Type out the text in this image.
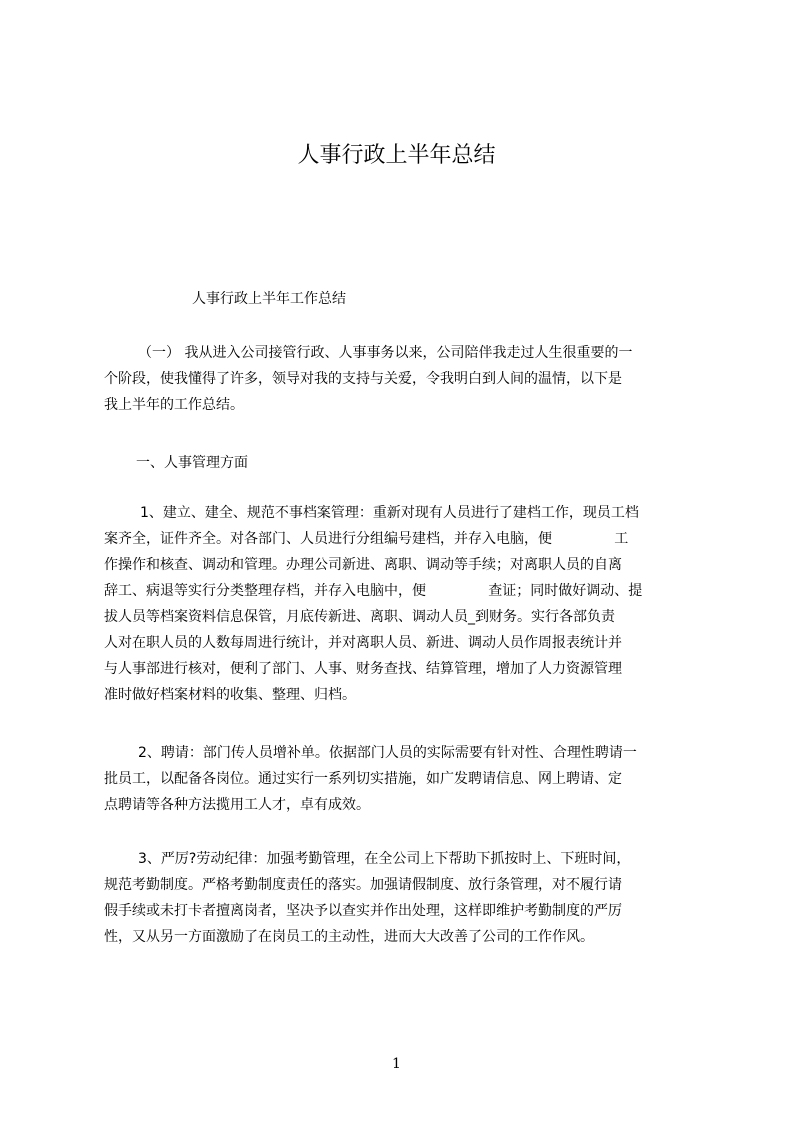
人事行政上半年总结

人事行政上半年工作总结

（一） 我从进入公司接管行政、人事事务以来，公司陪伴我走过人生很重要的一
个阶段，使我懂得了许多，领导对我的支持与关爱，令我明白到人间的温情，以下是
我上半年的工作总结。

一、人事管理方面

1、建立、建全、规范不事档案管理：重新对现有人员进行了建档工作，现员工档
案齐全，证件齐全。对各部门、人员进行分组编号建档，并存入电脑，便              工
作操作和核查、调动和管理。办理公司新进、离职、调动等手续；对离职人员的自离
辞工、病退等实行分类整理存档，并存入电脑中，便              查证；同时做好调动、提
拔人员等档案资料信息保管，月底传新进、离职、调动人员_到财务。实行各部负责
人对在职人员的人数每周进行统计，并对离职人员、新进、调动人员作周报表统计并
与人事部进行核对，便利了部门、人事、财务查找、结算管理，增加了人力资源管理
准时做好档案材料的收集、整理、归档。
2、聘请：部门传人员增补单。依据部门人员的实际需要有针对性、合理性聘请一
批员工，以配备各岗位。通过实行一系列切实措施，如广发聘请信息、网上聘请、定
点聘请等各种方法揽用工人才，卓有成效。
3、严厉?劳动纪律：加强考勤管理，在全公司上下帮助下抓按时上、下班时间，
规范考勤制度。严格考勤制度责任的落实。加强请假制度、放行条管理，对不履行请
假手续或未打卡者擅离岗者，坚决予以查实并作出处理，这样即维护考勤制度的严厉
性，又从另一方面激励了在岗员工的主动性，进而大大改善了公司的工作作风。

1
